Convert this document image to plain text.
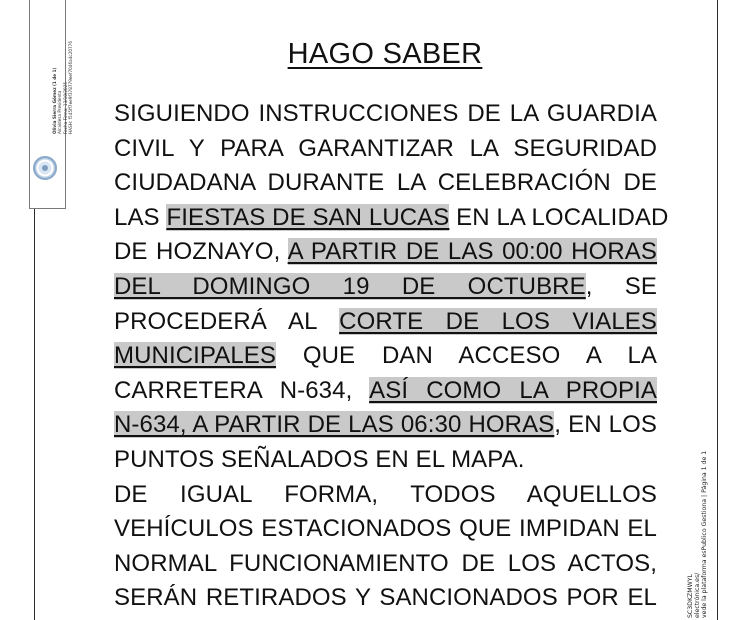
Olivia Sierra Gómez (1 de 1) Alcaldesa Presidenta Fecha Firma: 13/10/2025 HASH: f545ff7ee9f378779eef7046a4c20776
SC3DKZMWYL electrónica.es/ vede la plataforma esPublico Gestiona | Página 1 de 1
HAGO SABER
SIGUIENDO INSTRUCCIONES DE LA GUARDIA
CIVIL Y PARA GARANTIZAR LA SEGURIDAD
CIUDADANA DURANTE LA CELEBRACIÓN DE
LAS FIESTAS DE SAN LUCAS EN LA LOCALIDAD
DE HOZNAYO, A PARTIR DE LAS 00:00 HORAS
DEL DOMINGO 19 DE OCTUBRE, SE
PROCEDERÁ AL CORTE DE LOS VIALES
MUNICIPALES QUE DAN ACCESO A LA
CARRETERA N-634, ASÍ COMO LA PROPIA
N-634, A PARTIR DE LAS 06:30 HORAS, EN LOS
PUNTOS SEÑALADOS EN EL MAPA.
DE IGUAL FORMA, TODOS AQUELLOS
VEHÍCULOS ESTACIONADOS QUE IMPIDAN EL
NORMAL FUNCIONAMIENTO DE LOS ACTOS,
SERÁN RETIRADOS Y SANCIONADOS POR EL
